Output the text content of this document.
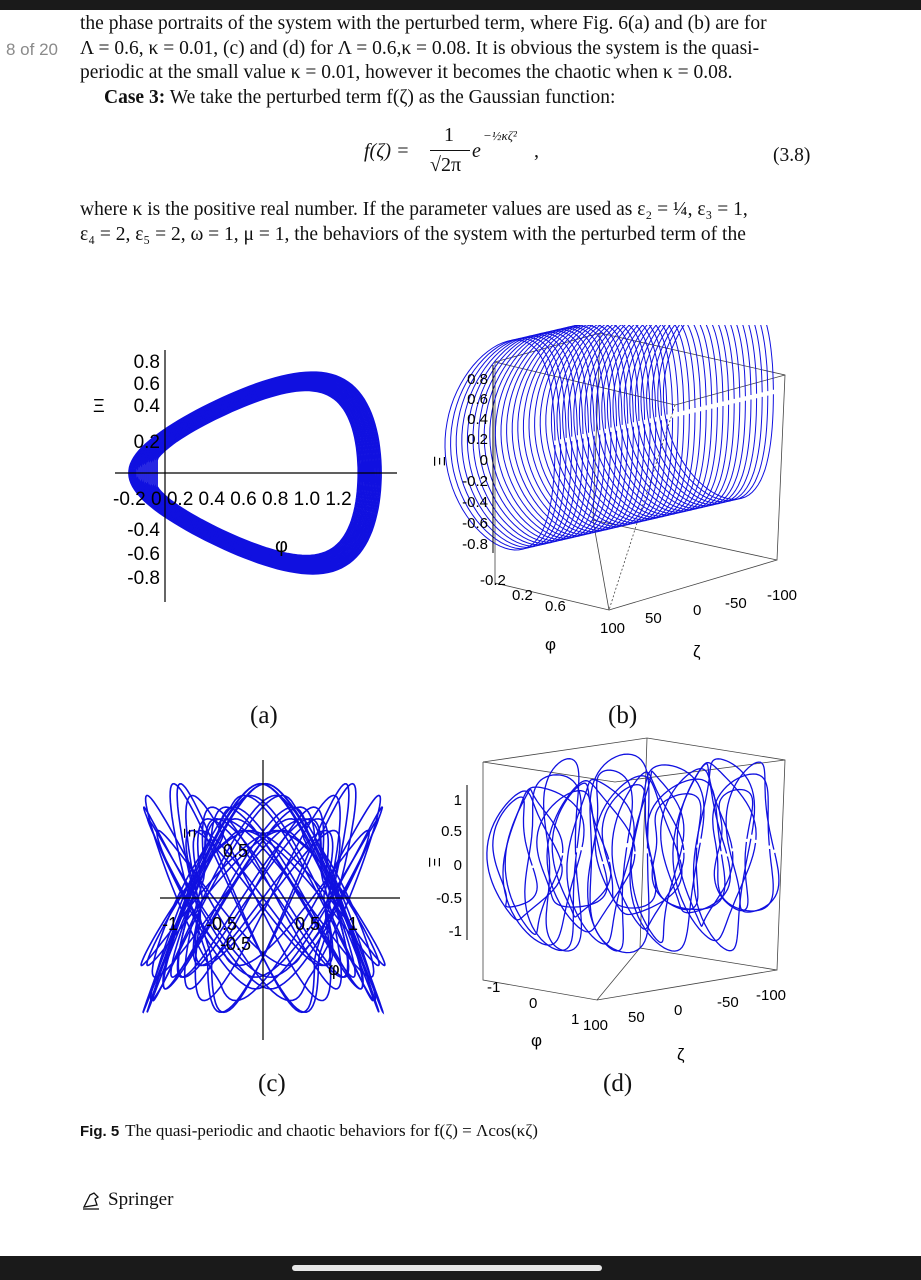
8 of 20
the phase portraits of the system with the perturbed term, where Fig. 6(a) and (b) are for
Λ = 0.6, κ = 0.01, (c) and (d) for Λ = 0.6,κ = 0.08. It is obvious the system is the quasi-
periodic at the small value κ = 0.01, however it becomes the chaotic when κ = 0.08.
Case 3: We take the perturbed term f(ζ) as the Gaussian function:
f(ζ) =
1
√2π
e
−½κζ²
,	(3.8)
where κ is the positive real number. If the parameter values are used as ε₂ = ¼, ε₃ = 1,
ε₄ = 2, ε₅ = 2, ω = 1, μ = 1, the behaviors of the system with the perturbed term of the
Ξ
0.8
0.6
0.4
0.2
-0.4
-0.6
-0.8
-0.2 0 0.2 0.4 0.6 0.8 1.0 1.2
φ
(a)
Ξ
0.8
0.6
0.4
0.2
0
-0.2
-0.4
-0.6
-0.8
-0.2
0.2
0.6
φ
100
50 0 -50 -100
ζ
(b)
-1 -0.5	0.5 1
0.5
-0.5
Ξ
φ
(c)
Ξ
1
0.5
0
-0.5
-1
-1
0
1
φ
100 50 0 -50 -100
ζ
(d)
Fig. 5 The quasi-periodic and chaotic behaviors for f(ζ) = Λcos(κζ)
Springer
